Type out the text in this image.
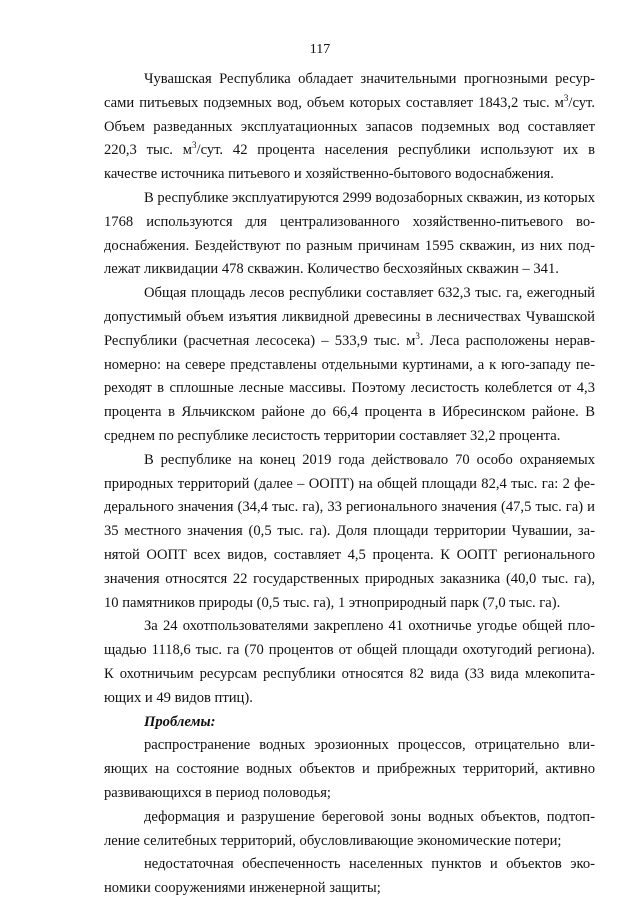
117

Чувашская Республика обладает значительными прогнозными ресурсами питьевых подземных вод, объем которых составляет 1843,2 тыс. $м^3$/сут. Объем разведанных эксплуатационных запасов подземных вод составляет 220,3 тыс. $м^3$/сут. 42 процента населения республики используют их в качестве источника питьевого и хозяйственно-бытового водоснабжения.

В республике эксплуатируются 2999 водозаборных скважин, из которых 1768 используются для централизованного хозяйственно-питьевого водоснабжения. Бездействуют по разным причинам 1595 скважин, из них подлежат ликвидации 478 скважин. Количество бесхозяйных скважин – 341.

Общая площадь лесов республики составляет 632,3 тыс. га, ежегодный допустимый объем изъятия ликвидной древесины в лесничествах Чувашской Республики (расчетная лесосека) – 533,9 тыс. $м^3$. Леса расположены неравномерно: на севере представлены отдельными куртинами, а к юго-западу переходят в сплошные лесные массивы. Поэтому лесистость колеблется от 4,3 процента в Яльчикском районе до 66,4 процента в Ибресинском районе. В среднем по республике лесистость территории составляет 32,2 процента.

В республике на конец 2019 года действовало 70 особо охраняемых природных территорий (далее – ООПТ) на общей площади 82,4 тыс. га: 2 федерального значения (34,4 тыс. га), 33 регионального значения (47,5 тыс. га) и 35 местного значения (0,5 тыс. га). Доля площади территории Чувашии, занятой ООПТ всех видов, составляет 4,5 процента. К ООПТ регионального значения относятся 22 государственных природных заказника (40,0 тыс. га), 10 памятников природы (0,5 тыс. га), 1 этноприродный парк (7,0 тыс. га).

За 24 охотпользователями закреплено 41 охотничье угодье общей площадью 1118,6 тыс. га (70 процентов от общей площади охотугодий региона). К охотничьим ресурсам республики относятся 82 вида (33 вида млекопитающих и 49 видов птиц).

Проблемы:

распространение водных эрозионных процессов, отрицательно влияющих на состояние водных объектов и прибрежных территорий, активно развивающихся в период половодья;

деформация и разрушение береговой зоны водных объектов, подтопление селитебных территорий, обусловливающие экономические потери;

недостаточная обеспеченность населенных пунктов и объектов экономики сооружениями инженерной защиты;
